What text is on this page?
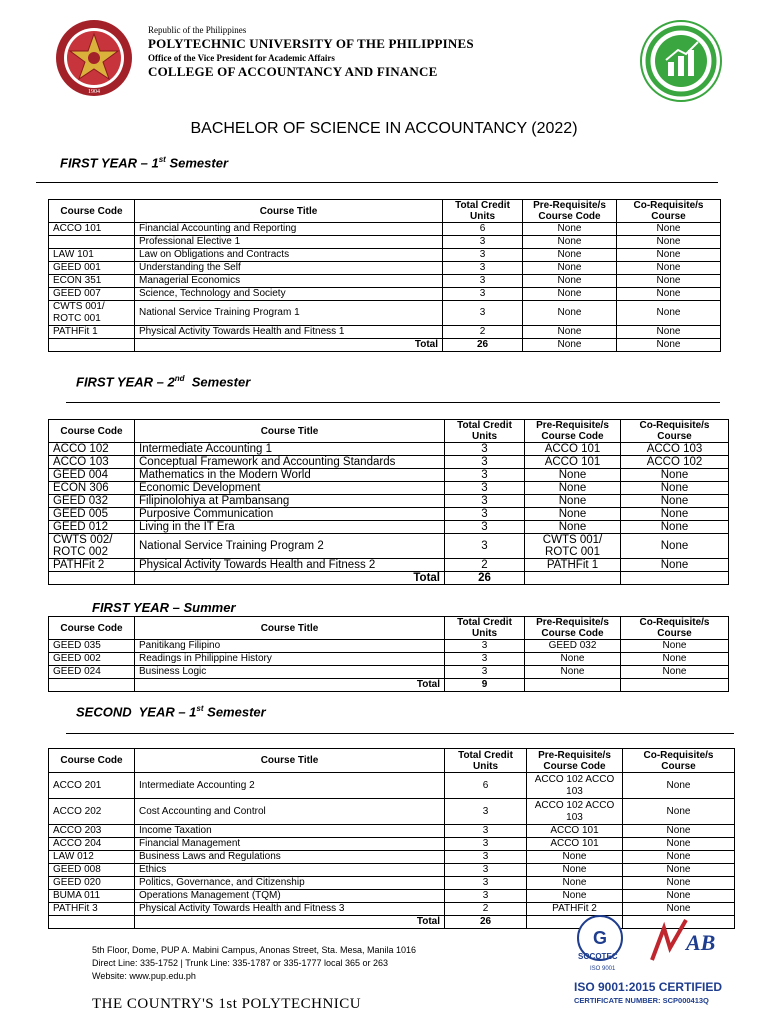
1904
Republic of the Philippines
POLYTECHNIC UNIVERSITY OF THE PHILIPPINES
Office of the Vice President for Academic Affairs
COLLEGE OF ACCOUNTANCY AND FINANCE
BACHELOR OF SCIENCE IN ACCOUNTANCY (2022)
FIRST YEAR – 1st Semester
Course Code	Course Title	Total Credit Units	Pre-Requisite/s Course Code	Co-Requisite/s Course
ACCO 101	Financial Accounting and Reporting	6	None	None
	Professional Elective 1	3	None	None
LAW 101	Law on Obligations and Contracts	3	None	None
GEED 001	Understanding the Self	3	None	None
ECON 351	Managerial Economics	3	None	None
GEED 007	Science, Technology and Society	3	None	None
CWTS 001/ ROTC 001	National Service Training Program 1	3	None	None
PATHFit 1	Physical Activity Towards Health and Fitness 1	2	None	None
	Total	26	None	None
FIRST YEAR – 2nd  Semester
Course Code	Course Title	Total Credit Units	Pre-Requisite/s Course Code	Co-Requisite/s Course
ACCO 102	Intermediate Accounting 1	3	ACCO 101	ACCO 103
ACCO 103	Conceptual Framework and Accounting Standards	3	ACCO 101	ACCO 102
GEED 004	Mathematics in the Modern World	3	None	None
ECON 306	Economic Development	3	None	None
GEED 032	Filipinolohiya at Pambansang	3	None	None
GEED 005	Purposive Communication	3	None	None
GEED 012	Living in the IT Era	3	None	None
CWTS 002/ ROTC 002	National Service Training Program 2	3	CWTS 001/ ROTC 001	None
PATHFit 2	Physical Activity Towards Health and Fitness 2	2	PATHFit 1	None
	Total	26		
FIRST YEAR – Summer
Course Code	Course Title	Total Credit Units	Pre-Requisite/s Course Code	Co-Requisite/s Course
GEED 035	Panitikang Filipino	3	GEED 032	None
GEED 002	Readings in Philippine History	3	None	None
GEED 024	Business Logic	3	None	None
	Total	9		
SECOND  YEAR – 1st Semester
Course Code	Course Title	Total Credit Units	Pre-Requisite/s Course Code	Co-Requisite/s Course
ACCO 201	Intermediate Accounting 2	6	ACCO 102 ACCO 103	None
ACCO 202	Cost Accounting and Control	3	ACCO 102 ACCO 103	None
ACCO 203	Income Taxation	3	ACCO 101	None
ACCO 204	Financial Management	3	ACCO 101	None
LAW 012	Business Laws and Regulations	3	None	None
GEED 008	Ethics	3	None	None
GEED 020	Politics, Governance, and Citizenship	3	None	None
BUMA 011	Operations Management (TQM)	3	None	None
PATHFit 3	Physical Activity Towards Health and Fitness 3	2	PATHFit 2	None
	Total	26		
5th Floor, Dome, PUP A. Mabini Campus, Anonas Street, Sta. Mesa, Manila 1016
Direct Line: 335-1752 | Trunk Line: 335-1787 or 335-1777 local 365 or 263
Website: www.pup.edu.ph
THE COUNTRY'S 1st POLYTECHNICU
G	AB
SOCOTEC
ISO 9001
ISO 9001:2015 CERTIFIED
CERTIFICATE NUMBER: SCP000413Q
